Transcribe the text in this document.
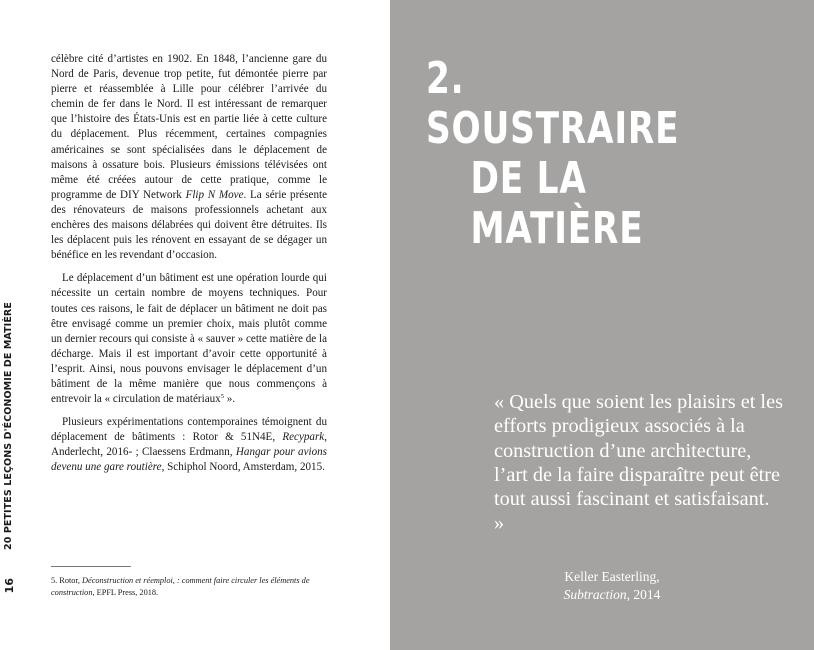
20 PETITES LEÇONS D'ÉCONOMIE DE MATIÈRE
16

célèbre cité d’artistes en 1902. En 1848, l’ancienne gare du Nord de Paris, devenue trop petite, fut démontée pierre par pierre et réassemblée à Lille pour célébrer l’arrivée du chemin de fer dans le Nord. Il est intéressant de remarquer que l’histoire des États-Unis est en partie liée à cette culture du déplacement. Plus récemment, certaines compagnies américaines se sont spécialisées dans le déplacement de maisons à ossature bois. Plusieurs émissions télévisées ont même été créées autour de cette pratique, comme le programme de DIY Network Flip N Move. La série présente des rénovateurs de maisons professionnels achetant aux enchères des maisons délabrées qui doivent être détruites. Ils les déplacent puis les rénovent en essayant de se dégager un bénéfice en les revendant d’occasion.

Le déplacement d’un bâtiment est une opération lourde qui nécessite un certain nombre de moyens techniques. Pour toutes ces raisons, le fait de déplacer un bâtiment ne doit pas être envisagé comme un premier choix, mais plutôt comme un dernier recours qui consiste à « sauver » cette matière de la décharge. Mais il est important d’avoir cette opportunité à l’esprit. Ainsi, nous pouvons envisager le déplacement d’un bâtiment de la même manière que nous commençons à entrevoir la « circulation de matériaux$^5$ ».

Plusieurs expérimentations contemporaines témoignent du déplacement de bâtiments : Rotor & 51N4E, Recypark, Anderlecht, 2016- ; Claessens Erdmann, Hangar pour avions devenu une gare routière, Schiphol Noord, Amsterdam, 2015.

5. Rotor, Déconstruction et réemploi, : comment faire circuler les éléments de construction, EPFL Press, 2018.
2. SOUSTRAIRE
DE LA MATIÈRE
« Quels que soient les plaisirs et les efforts prodigieux associés à la construction d’une architecture, l’art de la faire disparaître peut être tout aussi fascinant et satisfaisant. »
Keller Easterling,
Subtraction, 2014
